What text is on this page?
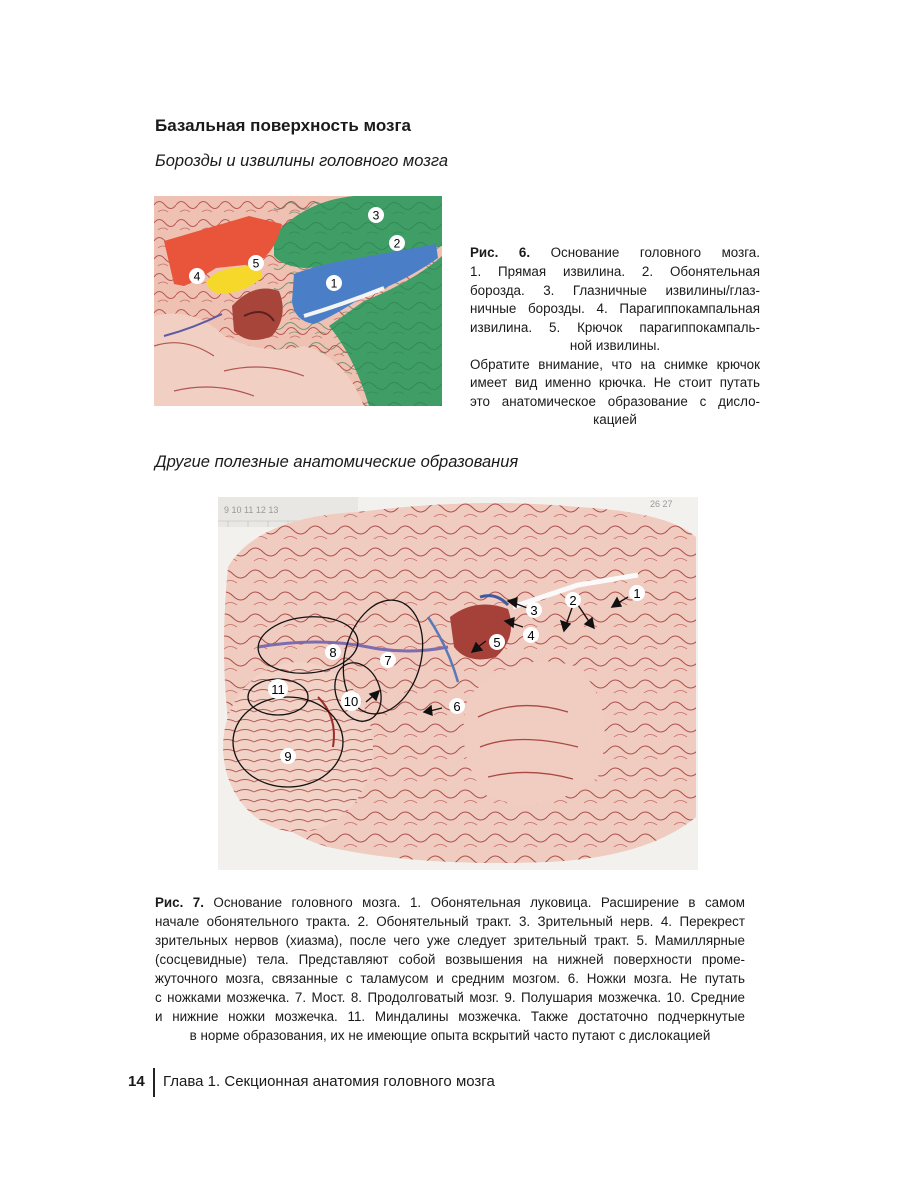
Базальная поверхность мозга
Борозды и извилины головного мозга
1
2
3
4
5
Рис. 6. Основание головного мозга.
1. Прямая извилина. 2. Обонятельная
борозда. 3. Глазничные извилины/глаз-
ничные борозды. 4. Парагиппокампальная
извилина. 5. Крючок парагиппокампаль-
ной извилины.
Обратите внимание, что на снимке крючок
имеет вид именно крючка. Не стоит путать
это анатомическое образование с дисло-
кацией
Другие полезные анатомические образования
9 10 11 12 13
26 27
1
2
3
4
5
6
7
8
9
10
11
Рис. 7. Основание головного мозга. 1. Обонятельная луковица. Расширение в самом
начале обонятельного тракта. 2. Обонятельный тракт. 3. Зрительный нерв. 4. Перекрест
зрительных нервов (хиазма), после чего уже следует зрительный тракт. 5. Мамиллярные
(сосцевидные) тела. Представляют собой возвышения на нижней поверхности проме-
жуточного мозга, связанные с таламусом и средним мозгом. 6. Ножки мозга. Не путать
с ножками мозжечка. 7. Мост. 8. Продолговатый мозг. 9. Полушария мозжечка. 10. Средние
и нижние ножки мозжечка. 11. Миндалины мозжечка. Также достаточно подчеркнутые
в норме образования, их не имеющие опыта вскрытий часто путают с дислокацией
14 Глава 1. Секционная анатомия головного мозга
